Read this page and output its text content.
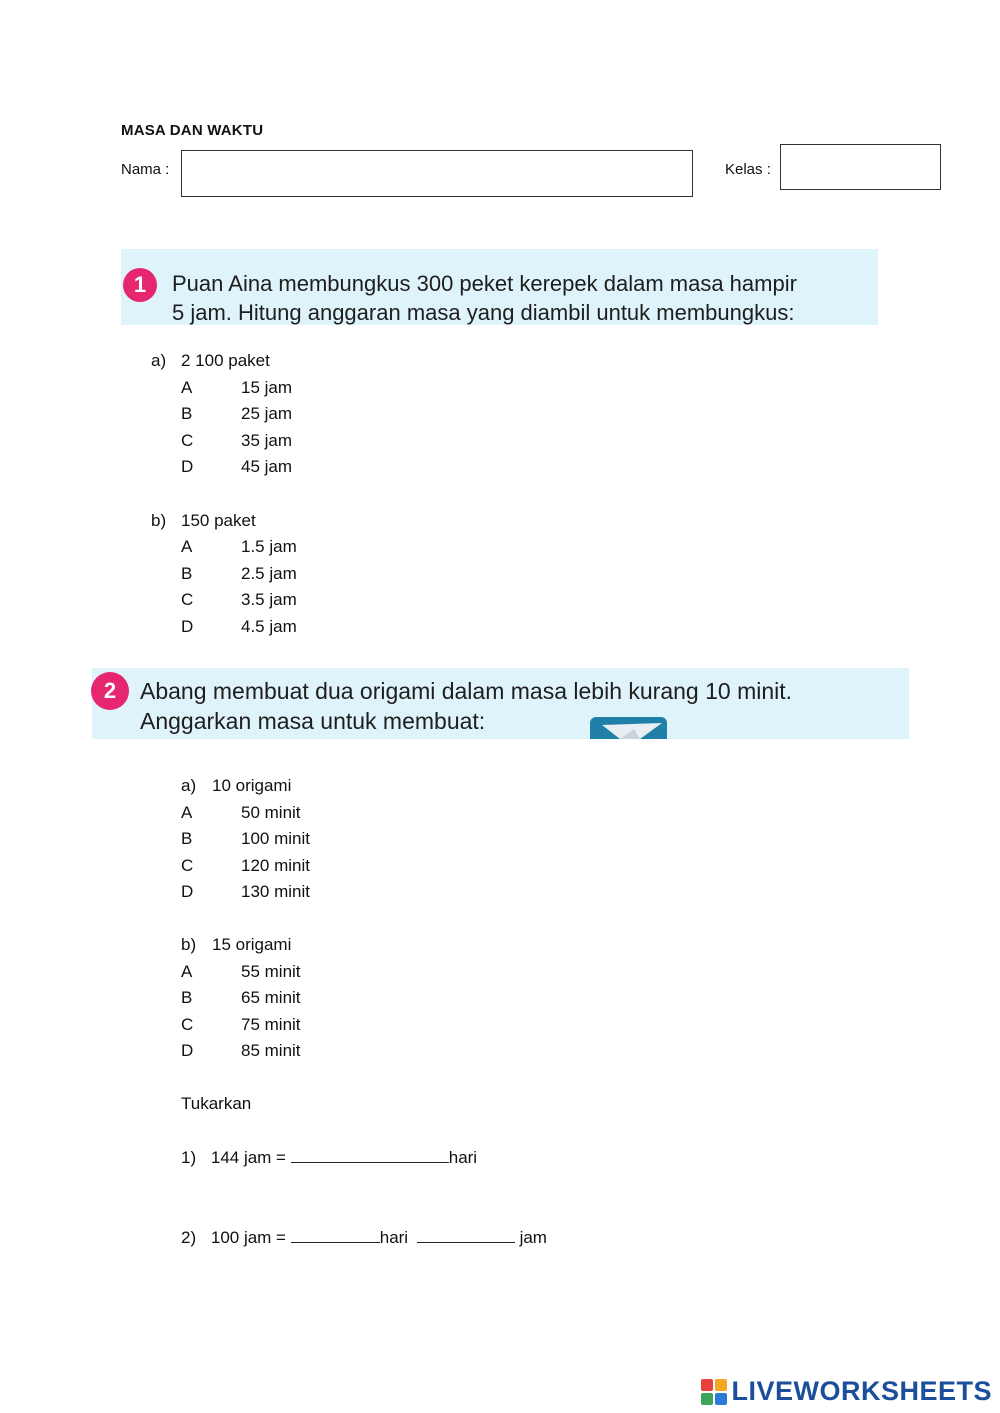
MASA DAN WAKTU
Nama :	Kelas :
1	Puan Aina membungkus 300 peket kerepek dalam masa hampir
5 jam. Hitung anggaran masa yang diambil untuk membungkus:
a) 2 100 paket
A	15 jam
B	25 jam
C	35 jam
D	45 jam
b) 150 paket
A	1.5 jam
B	2.5 jam
C	3.5 jam
D	4.5 jam
2	Abang membuat dua origami dalam masa lebih kurang 10 minit.
Anggarkan masa untuk membuat:
a) 10 origami
A	50 minit
B	100 minit
C	120 minit
D	130 minit
b) 15 origami
A	55 minit
B	65 minit
C	75 minit
D	85 minit
Tukarkan
1) 144 jam =	hari
2) 100 jam =	hari	jam
LIVEWORKSHEETS
